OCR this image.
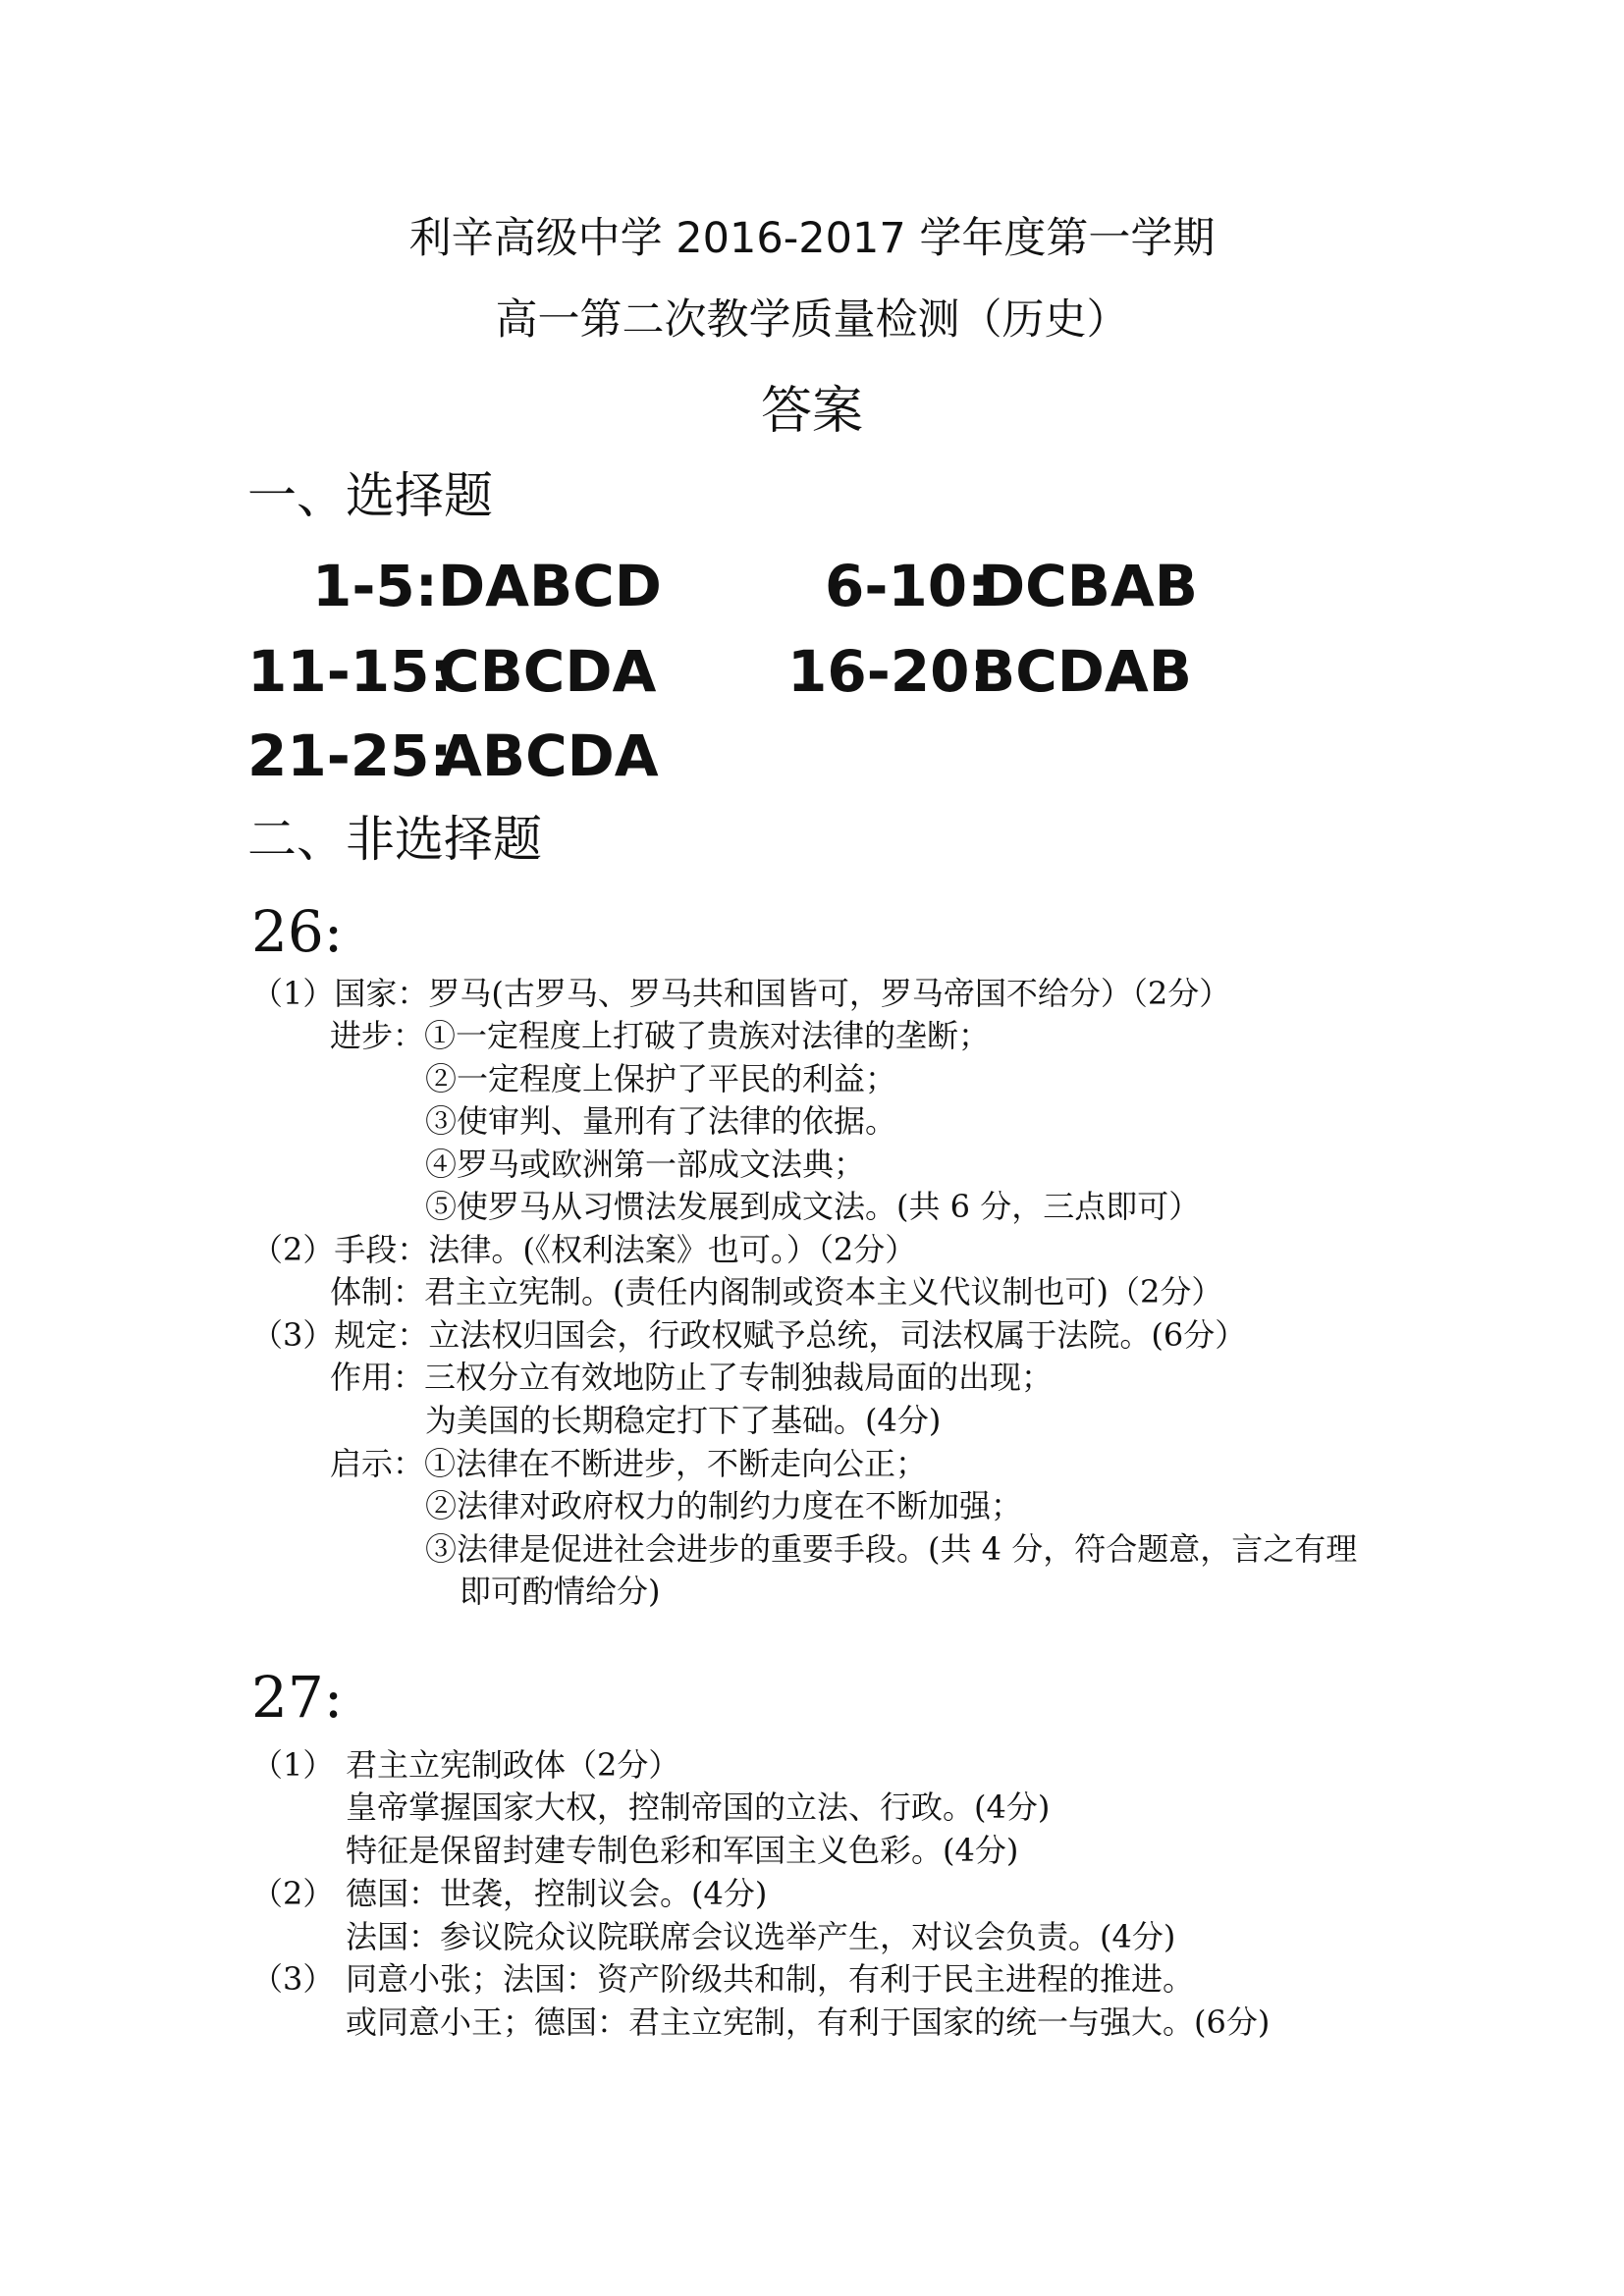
利辛高级中学 2016-2017 学年度第一学期
高一第二次教学质量检测（历史）
答案
一、选择题
1-5: DABCD	6-10:
DCBAB
11-15:
CBCDA 16-20:
BCDAB
21-25:
ABCDA
二、非选择题
26:
（1）国家：罗马(古罗马、罗马共和国皆可，罗马帝国不给分）（2分）
进步：①一定程度上打破了贵族对法律的垄断；
②一定程度上保护了平民的利益；
③使审判、量刑有了法律的依据。
④罗马或欧洲第一部成文法典；
⑤使罗马从习惯法发展到成文法。(共 6 分，三点即可）
（2）手段：法律。(《权利法案》也可。）（2分）
体制：君主立宪制。(责任内阁制或资本主义代议制也可)（2分）
（3）规定：立法权归国会，行政权赋予总统，司法权属于法院。(6分）
作用：三权分立有效地防止了专制独裁局面的出现；
为美国的长期稳定打下了基础。(4分)
启示：①法律在不断进步，不断走向公正；
②法律对政府权力的制约力度在不断加强；
③法律是促进社会进步的重要手段。(共 4 分，符合题意，言之有理
即可酌情给分)
27:
（1） 君主立宪制政体（2分）
皇帝掌握国家大权，控制帝国的立法、行政。(4分)
特征是保留封建专制色彩和军国主义色彩。(4分)
（2） 德国：世袭，控制议会。(4分)
法国：参议院众议院联席会议选举产生，对议会负责。(4分)
（3） 同意小张；法国：资产阶级共和制，有利于民主进程的推进。
或同意小王；德国：君主立宪制，有利于国家的统一与强大。(6分)
